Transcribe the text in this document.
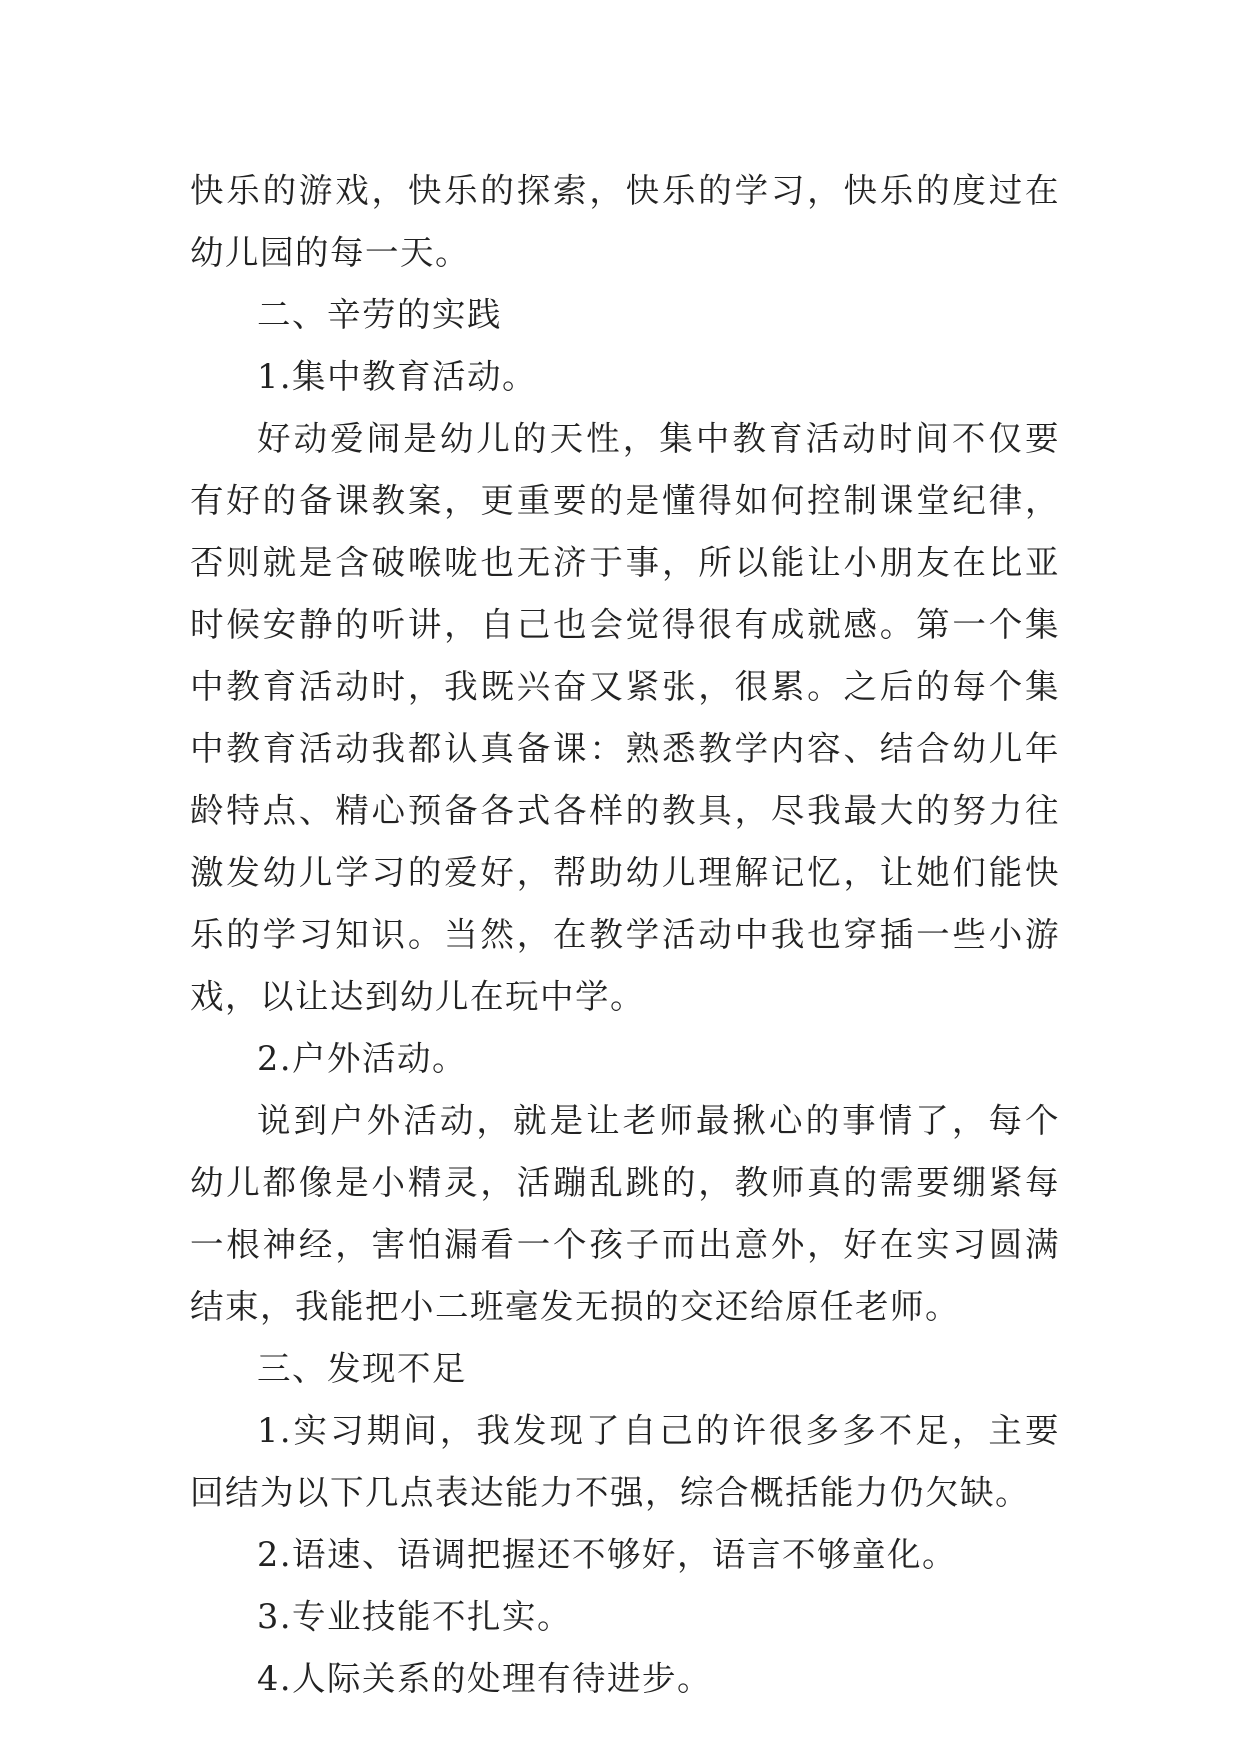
快乐的游戏，快乐的探索，快乐的学习，快乐的度过在幼儿园的每一天。

二、辛劳的实践

1.集中教育活动。

好动爱闹是幼儿的天性，集中教育活动时间不仅要有好的备课教案，更重要的是懂得如何控制课堂纪律，否则就是含破喉咙也无济于事，所以能让小朋友在比亚时候安静的听讲，自己也会觉得很有成就感。第一个集中教育活动时，我既兴奋又紧张，很累。之后的每个集中教育活动我都认真备课：熟悉教学内容、结合幼儿年龄特点、精心预备各式各样的教具，尽我最大的努力往激发幼儿学习的爱好，帮助幼儿理解记忆，让她们能快乐的学习知识。当然，在教学活动中我也穿插一些小游戏，以让达到幼儿在玩中学。

2.户外活动。

说到户外活动，就是让老师最揪心的事情了，每个幼儿都像是小精灵，活蹦乱跳的，教师真的需要绷紧每一根神经，害怕漏看一个孩子而出意外，好在实习圆满结束，我能把小二班毫发无损的交还给原任老师。

三、发现不足

1.实习期间，我发现了自己的许很多多不足，主要回结为以下几点表达能力不强，综合概括能力仍欠缺。

2.语速、语调把握还不够好，语言不够童化。

3.专业技能不扎实。

4.人际关系的处理有待进步。
